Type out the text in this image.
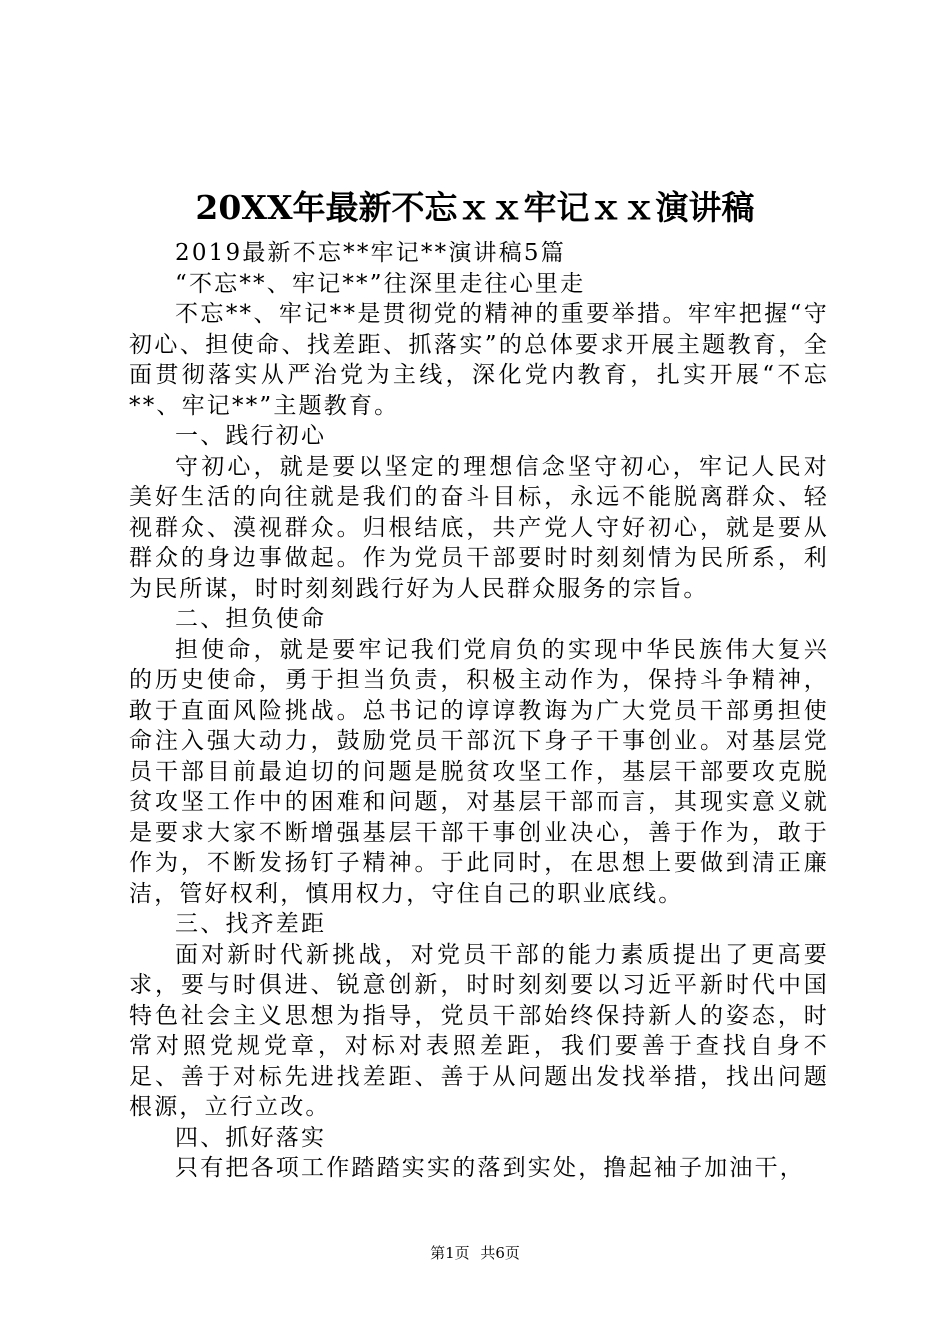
20XX年最新不忘ｘｘ牢记ｘｘ演讲稿

2019最新不忘**牢记**演讲稿5篇

“不忘**、牢记**”往深里走往心里走

不忘**、牢记**是贯彻党的精神的重要举措。牢牢把握“守初心、担使命、找差距、抓落实”的总体要求开展主题教育，全面贯彻落实从严治党为主线，深化党内教育，扎实开展“不忘**、牢记**”主题教育。

一、践行初心

守初心，就是要以坚定的理想信念坚守初心，牢记人民对美好生活的向往就是我们的奋斗目标，永远不能脱离群众、轻视群众、漠视群众。归根结底，共产党人守好初心，就是要从群众的身边事做起。作为党员干部要时时刻刻情为民所系，利为民所谋，时时刻刻践行好为人民群众服务的宗旨。

二、担负使命

担使命，就是要牢记我们党肩负的实现中华民族伟大复兴的历史使命，勇于担当负责，积极主动作为，保持斗争精神，敢于直面风险挑战。总书记的谆谆教诲为广大党员干部勇担使命注入强大动力，鼓励党员干部沉下身子干事创业。对基层党员干部目前最迫切的问题是脱贫攻坚工作，基层干部要攻克脱贫攻坚工作中的困难和问题，对基层干部而言，其现实意义就是要求大家不断增强基层干部干事创业决心，善于作为，敢于作为，不断发扬钉子精神。于此同时，在思想上要做到清正廉洁，管好权利，慎用权力，守住自己的职业底线。

三、找齐差距

面对新时代新挑战，对党员干部的能力素质提出了更高要求，要与时俱进、锐意创新，时时刻刻要以习近平新时代中国特色社会主义思想为指导，党员干部始终保持新人的姿态，时常对照党规党章，对标对表照差距，我们要善于查找自身不足、善于对标先进找差距、善于从问题出发找举措，找出问题根源，立行立改。

四、抓好落实

只有把各项工作踏踏实实的落到实处，撸起袖子加油干，

第1页 共6页
